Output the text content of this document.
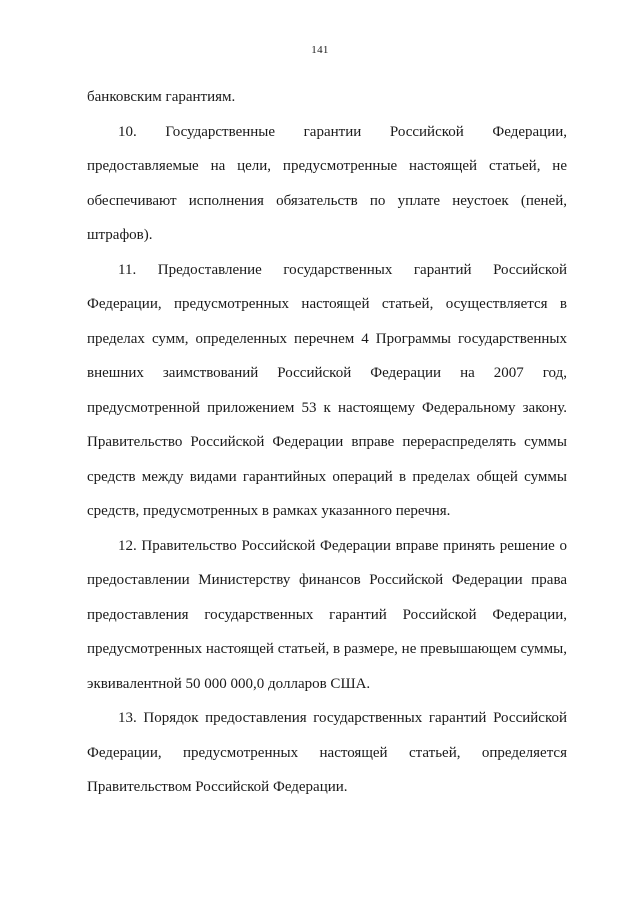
141
банковским гарантиям.
10. Государственные гарантии Российской Федерации,
предоставляемые на цели, предусмотренные настоящей статьей, не
обеспечивают исполнения обязательств по уплате неустоек (пеней,
штрафов).
11. Предоставление государственных гарантий Российской
Федерации, предусмотренных настоящей статьей, осуществляется в
пределах сумм, определенных перечнем 4 Программы государственных
внешних заимствований Российской Федерации на 2007 год,
предусмотренной приложением 53 к настоящему Федеральному закону.
Правительство Российской Федерации вправе перераспределять суммы
средств между видами гарантийных операций в пределах общей суммы
средств, предусмотренных в рамках указанного перечня.
12. Правительство Российской Федерации вправе принять решение о
предоставлении Министерству финансов Российской Федерации права
предоставления государственных гарантий Российской Федерации,
предусмотренных настоящей статьей, в размере, не превышающем суммы,
эквивалентной 50 000 000,0 долларов США.
13. Порядок предоставления государственных гарантий Российской
Федерации, предусмотренных настоящей статьей, определяется
Правительством Российской Федерации.
